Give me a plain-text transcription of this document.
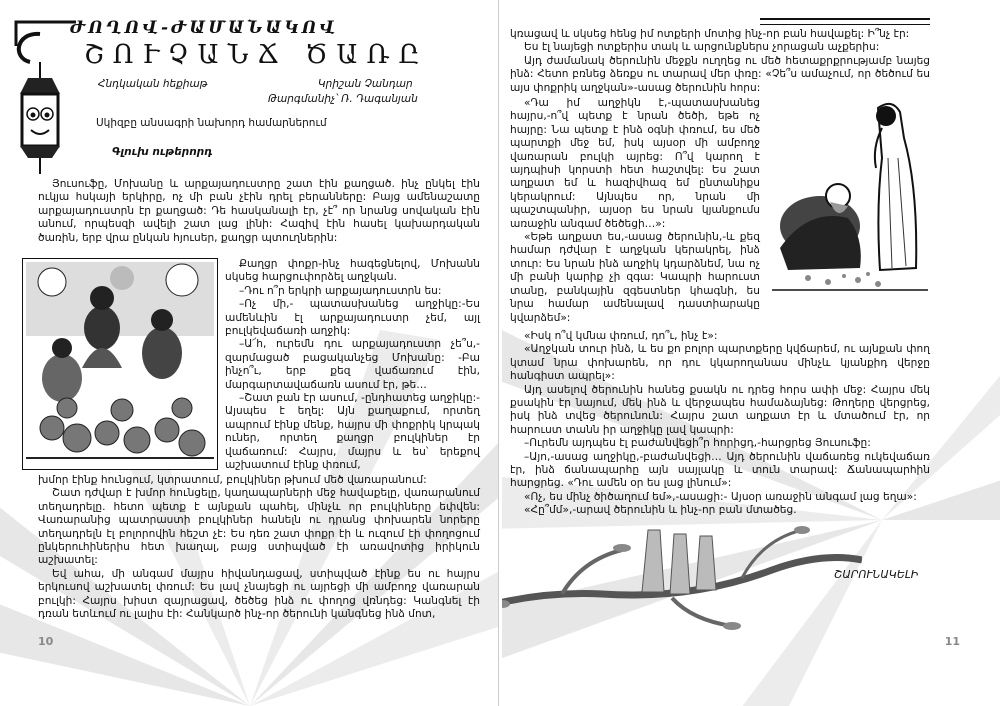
ԺՈՂՈՎ-ԺԱՄԱՆԱԿՈՎ
ՇՈՒՉԱՆՃ ԾԱՌԸ
Հնդկական հեքիաթ	Կրիշան Չանդար
Թարգմանիչ՝ Ռ. Դագանյան
Սկիզբը անսագրի նախորդ համարներում
Գլուխ ութերորդ

Յուսուֆը, Մոխանը և արքայադուստրը շատ էին քաղցած. ինչ ընկել էին ուկյա հսկայի երկիրը, ոչ մի բան չէին դրել բերանները: Բայց ամենաշատը արքայադուստրն էր քաղցած: Դե հասկանալի էր, չէ՞ որ նրանց սովական էին անում, որպեսզի ավելի շատ լաց լինի: Հազիվ էին հասել կախարդական ծառին, երբ վրա ընկան հյուսեր, քաղցր պտուղներին:

Քաղցր փոքր-ինչ հագեցնելով, Մոխանն սկսեց հարցուփորձել աղջկան.

–Դու ո՞ր երկրի արքայադուստրն ես:

–Ոչ մի,- պատասխանեց աղջիկը:-Ես ամենևին էլ արքայադուստր չեմ, այլ բուլկեվաճառի աղջիկ:

–Ա՜հ, ուրեմն դու արքայադուստր չե՞ս,-զարմացած բացականչեց Մոխանը: -Բա ինչո՞ւ, երբ քեզ վաճառում էին, մարգարտավաճառն ասում էր, թե…

–Շատ բան էր ասում, -ընդհատեց աղջիկը:-Այսպես է եղել: Այն քաղաքում, որտեղ ապրում էինք մենք, հայրս մի փոքրիկ կրպակ ուներ, որտեղ քաղցր բուլկիներ էր վաճառում: Հայրս, մայրս և ես՝ երեքով աշխատում էինք փռում,

խմոր էինք հունցում, կտրատում, բուլկիներ թխում մեծ վառարանում:

Շատ դժվար է խմոր հունցելը, կաղապարների մեջ հավաքելը, վառարանում տեղադրելը. հետո պետք է այնքան պահել, մինչև որ բուլկիները եփվեն: Վառարանից պատրաստի բուլկիներ հանելն ու դրանց փոխարեն նորերը տեղադրելն էլ բոլորովին հեշտ չէ: Ես դեռ շատ փոքր էի և ուզում էի փողոցում ընկերուհիներիս հետ խաղալ, բայց ստիպված էի առավոտից իրիկուն աշխատել:

Եվ ահա, մի անգամ մայրս հիվանդացավ, ստիպված էինք ես ու հայրս երկուսով աշխատել փռում: Ես լավ չնայեցի ու այրեցի մի ամբողջ վառարան բուլկի: Հայրս խիստ զայրացավ, ծեծեց ինձ ու փողոց վռնդեց: Կանգնել էի դռան ետևում ու լալիս էի: Հանկարծ ինչ-որ ծերունի կանգնեց ինձ մոտ,

10

կռացավ և սկսեց հենց իմ ոտքերի մոտից ինչ-որ բան հավաքել: Ի՞նչ էր:

Ես էլ նայեցի ոտքերիս տակ և արցունքներս չորացան աչքերիս:

Այդ ժամանակ ծերունին մեջքն ուղղեց ու մեծ հետաքրքրությամբ նայեց ինձ: Հետո բռնեց ձեռքս ու տարավ մեր փռը: «Չե՞ս ամաչում, որ ծեծում ես այս փոքրիկ աղջկան»-ասաց ծերունին հորս:

«Դա իմ աղջիկն է,-պատասխանեց հայրս,-ո՞վ պետք է նրան ծեծի, եթե ոչ հայրը: Նա պետք է ինձ օգնի փռում, ես մեծ պարտքի մեջ եմ, իսկ այսօր մի ամբողջ վառարան բուլկի այրեց: Ո՞վ կարող է այդպիսի կորստի հետ հաշտվել: Ես շատ աղքատ եմ և հազիվհազ եմ ընտանիքս կերակրում: Այնպես որ, նրան մի պաշտպանիր, այսօր ես նրան կյանքումս առաջին անգամ ծեծեցի…»:

«Եթե աղքատ ես,-ասաց ծերունին,-և քեզ համար դժվար է աղջկան կերակրել, ինձ տուր: Ես նրան ինձ աղջիկ կդարձնեմ, նա ոչ մի բանի կարիք չի զգա: Կապրի հարուստ տանը, բանկային զգեստներ կհագնի, ես նրա համար ամենալավ դաստիարակը կվարձեմ»:

«Իսկ ո՞վ կմնա փռում, դո՞ւ, ինչ է»:

«Աղջկան տուր ինձ, և ես քո բոլոր պարտքերը կվճարեմ, ու այնքան փող կտամ նրա փոխարեն, որ դու կկարողանաս մինչև կյանքիդ վերջը հանգիստ ապրել»:

Այդ ասելով ծերունին հանեց քսակն ու դրեց հորս ափի մեջ: Հայրս մեկ քսակին էր նայում, մեկ ինձ և վերջապես համաձայնեց: Թողերը վերցրեց, իսկ ինձ տվեց ծերունուն: Հայրս շատ աղքատ էր և մտածում էր, որ հարուստ տանն իր աղջիկը լավ կապրի:

–Ուրեմն այդպես էլ բաժանվեցի՞ր հորիցդ,-հարցրեց Յուսուֆը:

–Այո,-ասաց աղջիկը,-բաժանվեցի… Այդ ծերունին վաճառեց ուկեվաճառ էր, ինձ ճանապարհը այն սայլակը և տուն տարավ: Ճանապարհին հարցրեց. «Դու ամեն օր ես լաց լինում»:

«Ոչ, ես մինչ ծիծաղում եմ»,-ասացի:- Այսօր առաջին անգամ լաց եղա»:

«Հը՞մմ»,-արավ ծերունին և ինչ-որ բան մտածեց.

ՇԱՐՈՒՆԱԿԵԼԻ
11
